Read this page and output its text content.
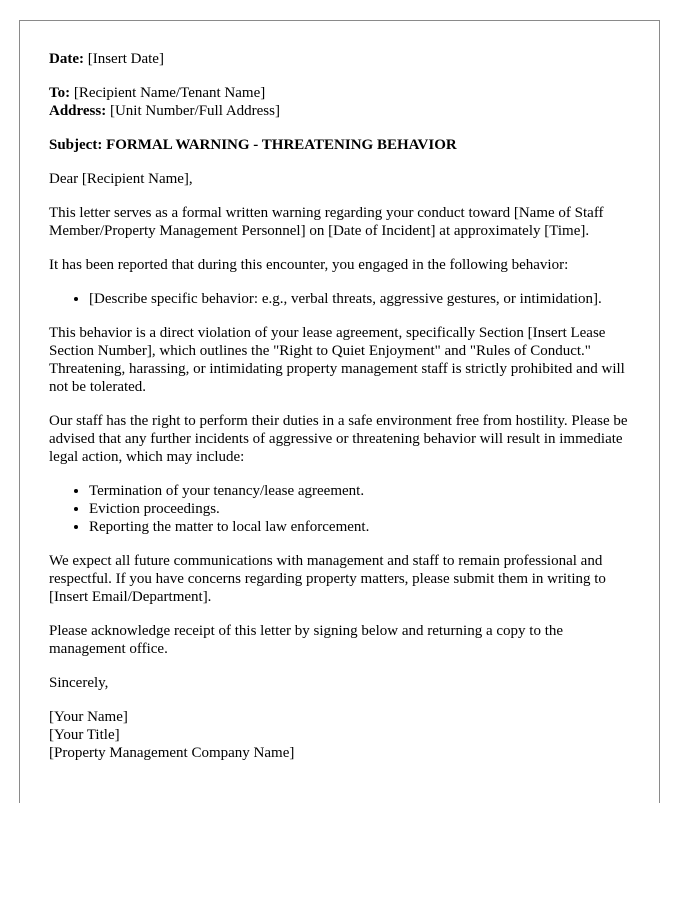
Date: [Insert Date]

To: [Recipient Name/Tenant Name]

Address: [Unit Number/Full Address]

Subject: FORMAL WARNING - THREATENING BEHAVIOR

Dear [Recipient Name],

This letter serves as a formal written warning regarding your conduct toward [Name of Staff Member/Property Management Personnel] on [Date of Incident] at approximately [Time].

It has been reported that during this encounter, you engaged in the following behavior:

• [Describe specific behavior: e.g., verbal threats, aggressive gestures, or intimidation].

This behavior is a direct violation of your lease agreement, specifically Section [Insert Lease Section Number], which outlines the "Right to Quiet Enjoyment" and "Rules of Conduct." Threatening, harassing, or intimidating property management staff is strictly prohibited and will not be tolerated.

Our staff has the right to perform their duties in a safe environment free from hostility. Please be advised that any further incidents of aggressive or threatening behavior will result in immediate legal action, which may include:

• Termination of your tenancy/lease agreement.
• Eviction proceedings.
• Reporting the matter to local law enforcement.

We expect all future communications with management and staff to remain professional and respectful. If you have concerns regarding property matters, please submit them in writing to [Insert Email/Department].

Please acknowledge receipt of this letter by signing below and returning a copy to the management office.

Sincerely,

[Your Name]
[Your Title]
[Property Management Company Name]
